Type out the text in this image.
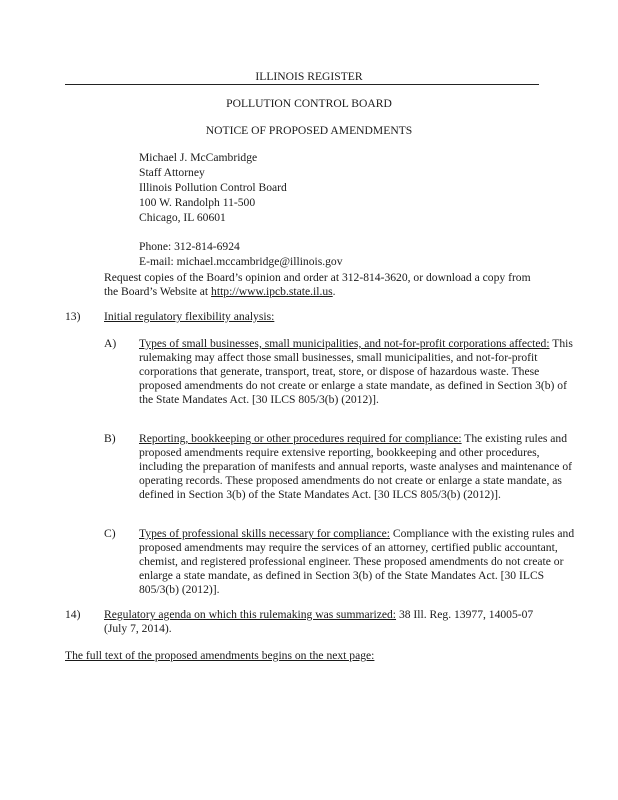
ILLINOIS REGISTER
POLLUTION CONTROL BOARD
NOTICE OF PROPOSED AMENDMENTS
Michael J. McCambridge
Staff Attorney
Illinois Pollution Control Board
100 W. Randolph 11-500
Chicago, IL 60601
Phone: 312-814-6924
E-mail: michael.mccambridge@illinois.gov

Request copies of the Board’s opinion and order at 312-814-3620, or download a copy from the Board’s Website at http://www.ipcb.state.il.us.

13) Initial regulatory flexibility analysis:
A)	Types of small businesses, small municipalities, and not-for-profit corporations affected: This rulemaking may affect those small businesses, small municipalities, and not-for-profit corporations that generate, transport, treat, store, or dispose of hazardous waste. These proposed amendments do not create or enlarge a state mandate, as defined in Section 3(b) of the State Mandates Act. [30 ILCS 805/3(b) (2012)].

B)	Reporting, bookkeeping or other procedures required for compliance: The existing rules and proposed amendments require extensive reporting, bookkeeping and other procedures, including the preparation of manifests and annual reports, waste analyses and maintenance of operating records. These proposed amendments do not create or enlarge a state mandate, as defined in Section 3(b) of the State Mandates Act. [30 ILCS 805/3(b) (2012)].

C)	Types of professional skills necessary for compliance: Compliance with the existing rules and proposed amendments may require the services of an attorney, certified public accountant, chemist, and registered professional engineer. These proposed amendments do not create or enlarge a state mandate, as defined in Section 3(b) of the State Mandates Act. [30 ILCS 805/3(b) (2012)].

14) Regulatory agenda on which this rulemaking was summarized: 38 Ill. Reg. 13977, 14005-07 (July 7, 2014).

The full text of the proposed amendments begins on the next page:
